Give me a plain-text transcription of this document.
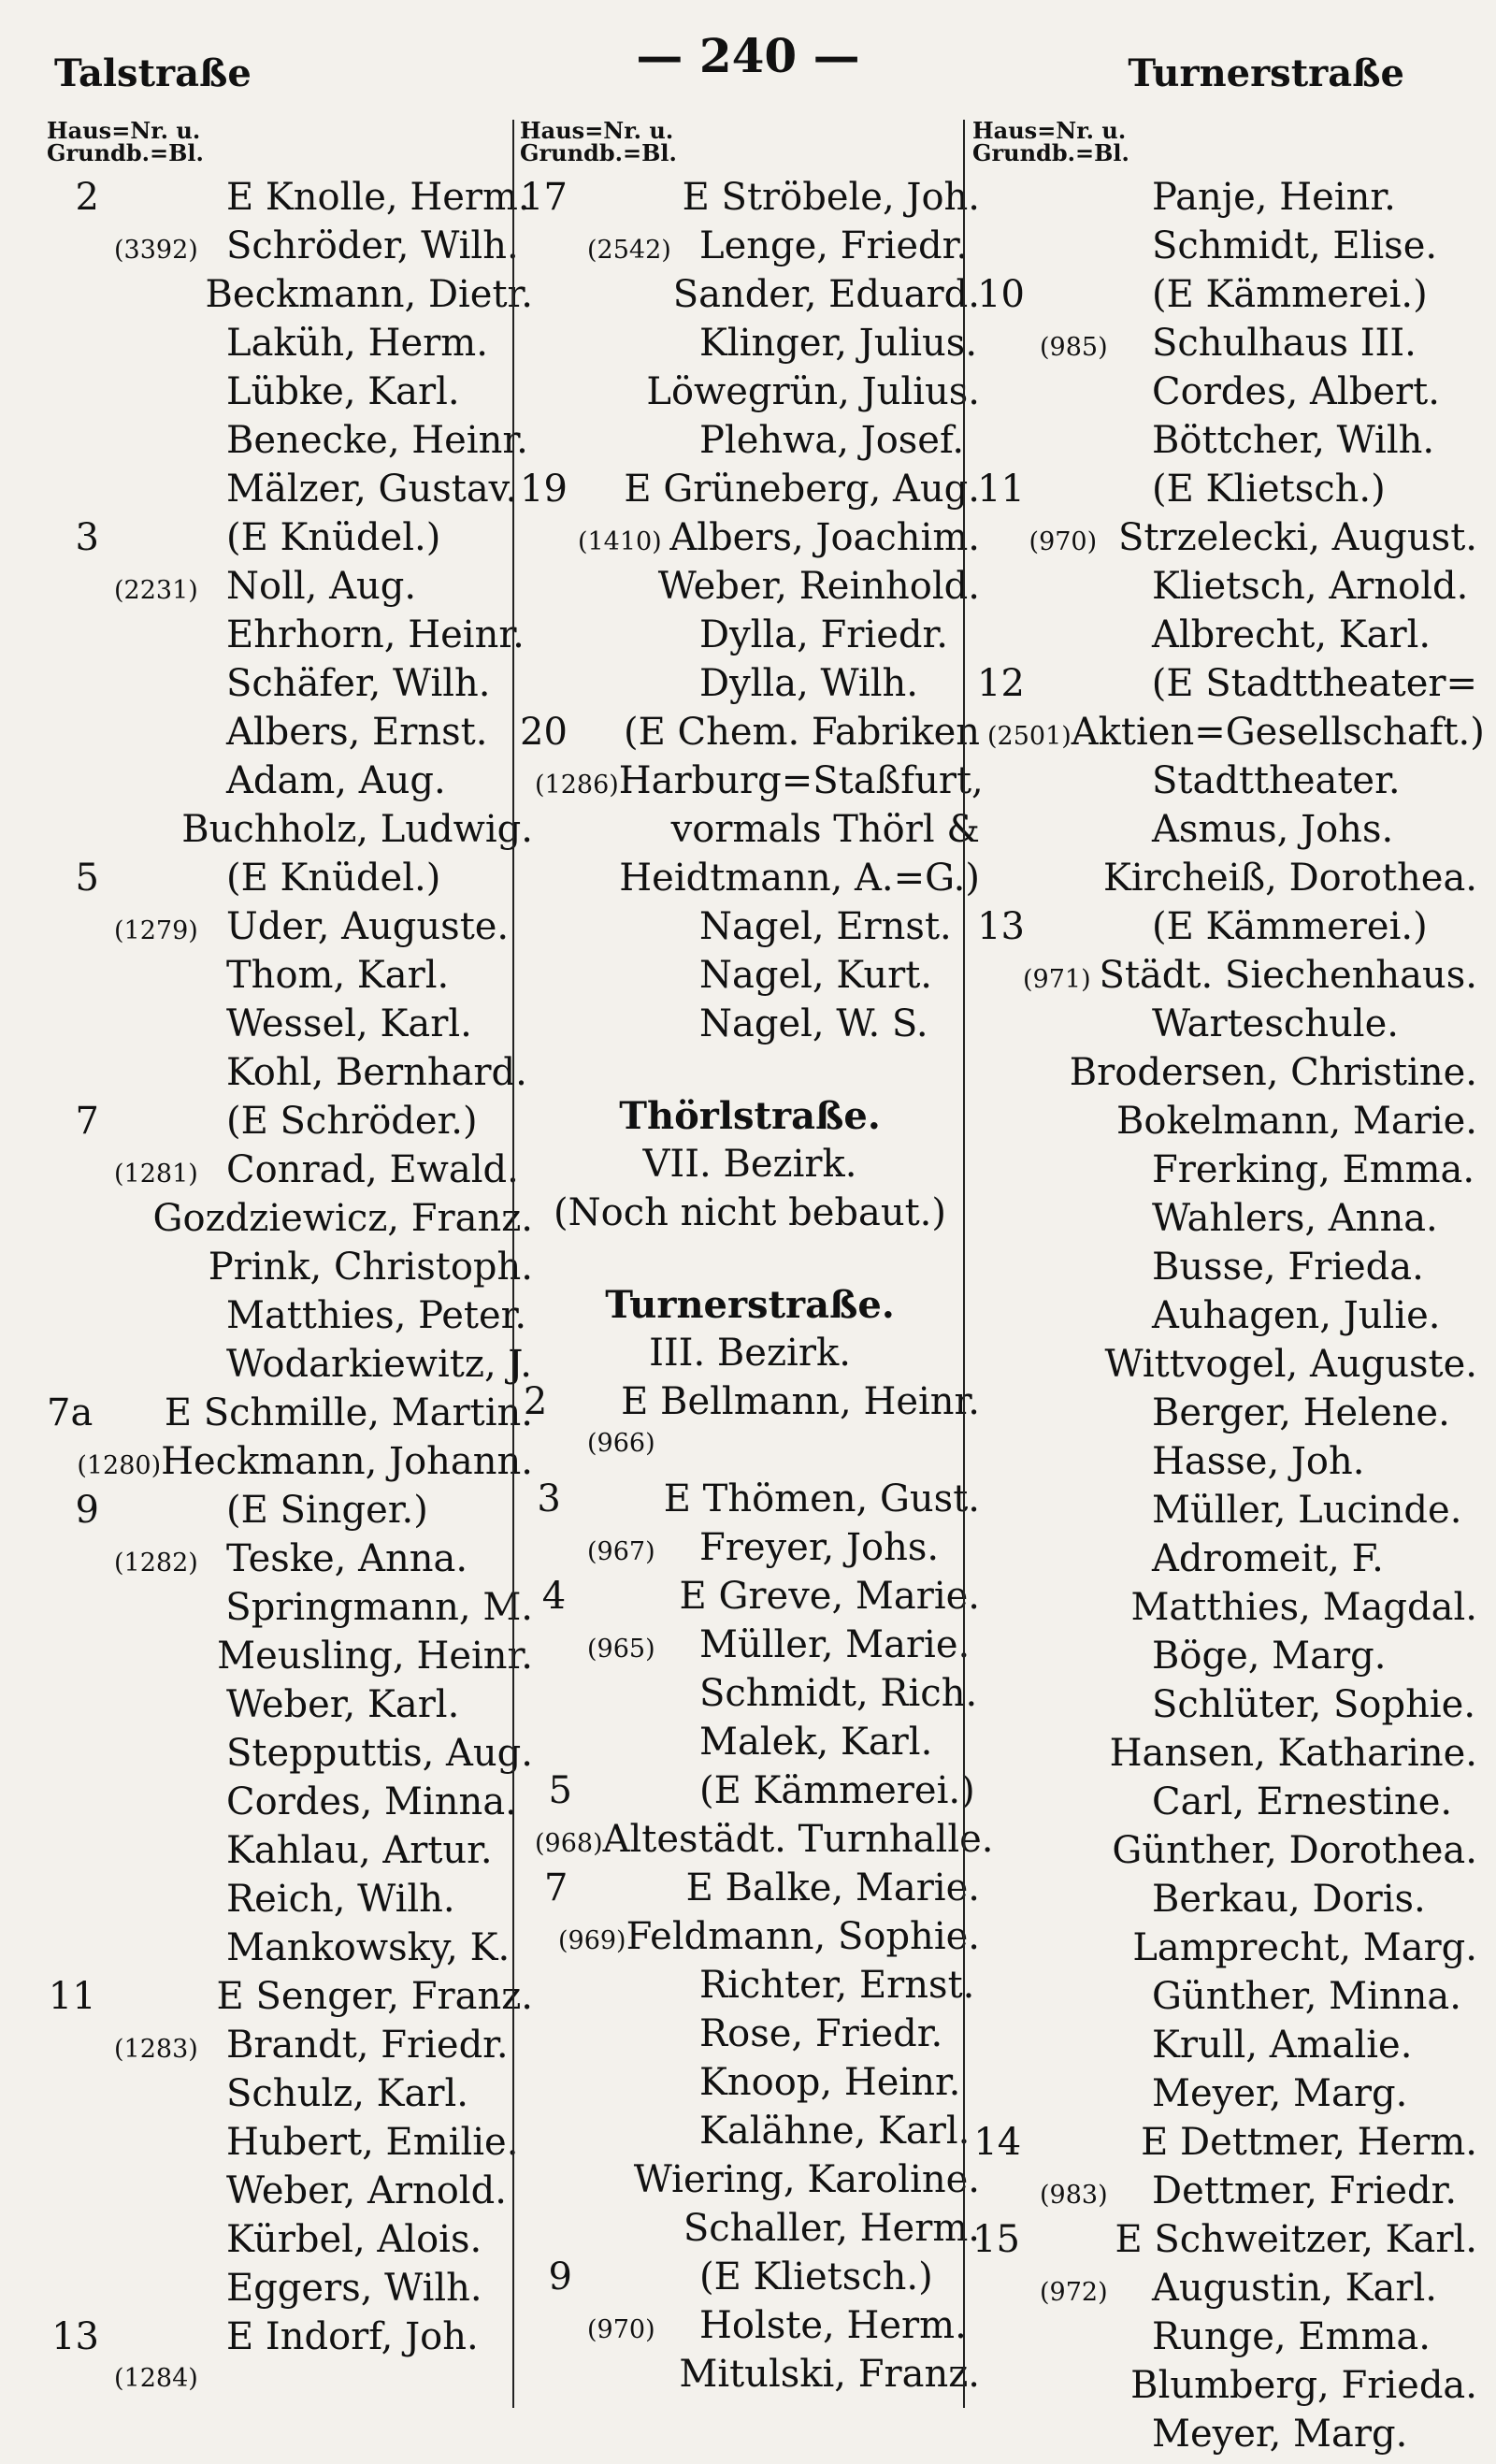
Talstraße	— 240 —	Turnerstraße
Haus=Nr. u.
Grundb.=Bl.
2	E Knolle, Herm.
(3392) Schröder, Wilh.
Beckmann, Dietr.
Laküh, Herm.
Lübke, Karl.
Benecke, Heinr.
Mälzer, Gustav.
3	(E Knüdel.)
(2231) Noll, Aug.
Ehrhorn, Heinr.
Schäfer, Wilh.
Albers, Ernst.
Adam, Aug.
Buchholz, Ludwig.
5	(E Knüdel.)
(1279) Uder, Auguste.
Thom, Karl.
Wessel, Karl.
Kohl, Bernhard.
7	(E Schröder.)
(1281) Conrad, Ewald.
Gozdziewicz, Franz.
Prink, Christoph.
Matthies, Peter.
Wodarkiewitz, J.
7a	E Schmille, Martin.
(1280) Heckmann, Johann.
9	(E Singer.)
(1282) Teske, Anna.
Springmann, M.
Meusling, Heinr.
Weber, Karl.
Stepputtis, Aug.
Cordes, Minna.
Kahlau, Artur.
Reich, Wilh.
Mankowsky, K.
11	E Senger, Franz.
(1283) Brandt, Friedr.
Schulz, Karl.
Hubert, Emilie.
Weber, Arnold.
Kürbel, Alois.
Eggers, Wilh.
13	E Indorf, Joh.
(1284)
Haus=Nr. u.
Grundb.=Bl.
17	E Ströbele, Joh.
(2542) Lenge, Friedr.
Sander, Eduard.
Klinger, Julius.
Löwegrün, Julius.
Plehwa, Josef.
19	E Grüneberg, Aug.
(1410) Albers, Joachim.
Weber, Reinhold.
Dylla, Friedr.
Dylla, Wilh.
20	(E Chem. Fabriken
(1286) Harburg=Staßfurt,
vormals Thörl &
Heidtmann, A.=G.)
Nagel, Ernst.
Nagel, Kurt.
Nagel, W. S.
Thörlstraße.
VII. Bezirk.
(Noch nicht bebaut.)
Turnerstraße.
III. Bezirk.
2	E Bellmann, Heinr.
(966)
3	E Thömen, Gust.
(967)	Freyer, Johs.
4	E Greve, Marie.
(965)	Müller, Marie.
Schmidt, Rich.
Malek, Karl.
5	(E Kämmerei.)
(968) Altestädt. Turnhalle.
7	E Balke, Marie.
(969) Feldmann, Sophie.
Richter, Ernst.
Rose, Friedr.
Knoop, Heinr.
Kalähne, Karl.
Wiering, Karoline.
Schaller, Herm.
9	(E Klietsch.)
(970)	Holste, Herm.
Mitulski, Franz.
Haus=Nr. u.
Grundb.=Bl.
Panje, Heinr.
Schmidt, Elise.
10	(E Kämmerei.)
(985)	Schulhaus III.
Cordes, Albert.
Böttcher, Wilh.
11	(E Klietsch.)
(970) Strzelecki, August.
Klietsch, Arnold.
Albrecht, Karl.
12	(E Stadttheater=
(2501) Aktien=Gesellschaft.)
Stadttheater.
Asmus, Johs.
Kircheiß, Dorothea.
13	(E Kämmerei.)
(971) Städt. Siechenhaus.
Warteschule.
Brodersen, Christine.
Bokelmann, Marie.
Frerking, Emma.
Wahlers, Anna.
Busse, Frieda.
Auhagen, Julie.
Wittvogel, Auguste.
Berger, Helene.
Hasse, Joh.
Müller, Lucinde.
Adromeit, F.
Matthies, Magdal.
Böge, Marg.
Schlüter, Sophie.
Hansen, Katharine.
Carl, Ernestine.
Günther, Dorothea.
Berkau, Doris.
Lamprecht, Marg.
Günther, Minna.
Krull, Amalie.
Meyer, Marg.
14	E Dettmer, Herm.
(983)	Dettmer, Friedr.
15	E Schweitzer, Karl.
(972)	Augustin, Karl.
Runge, Emma.
Blumberg, Frieda.
Meyer, Marg.
